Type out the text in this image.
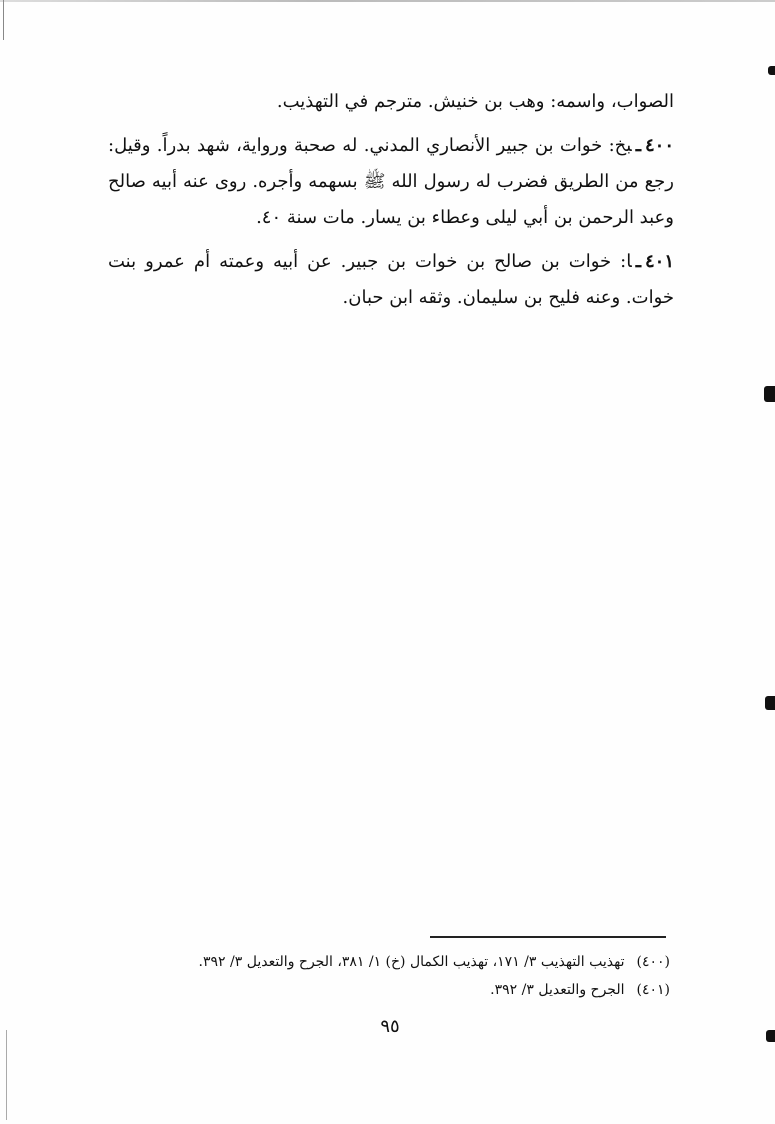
الصواب، واسمه: وهب بن خنيش. مترجم في التهذيب.

٤٠٠ـبخ: خوات بن جبير الأنصاري المدني. له صحبة ورواية، شهد بدراً. وقيل: رجع من الطريق فضرب له رسول الله ﷺ بسهمه وأجره. روى عنه أبيه صالح وعبد الرحمن بن أبي ليلى وعطاء بن يسار. مات سنة ٤٠.

٤٠١ـا: خوات بن صالح بن خوات بن جبير. عن أبيه وعمته أم عمرو بنت خوات. وعنه فليح بن سليمان. وثقه ابن حبان.

(٤٠٠)تهذيب التهذيب ٣/ ١٧١، تهذيب الكمال (خ) ١/ ٣٨١، الجرح والتعديل ٣/ ٣٩٢.

(٤٠١)الجرح والتعديل ٣/ ٣٩٢.

٩٥
